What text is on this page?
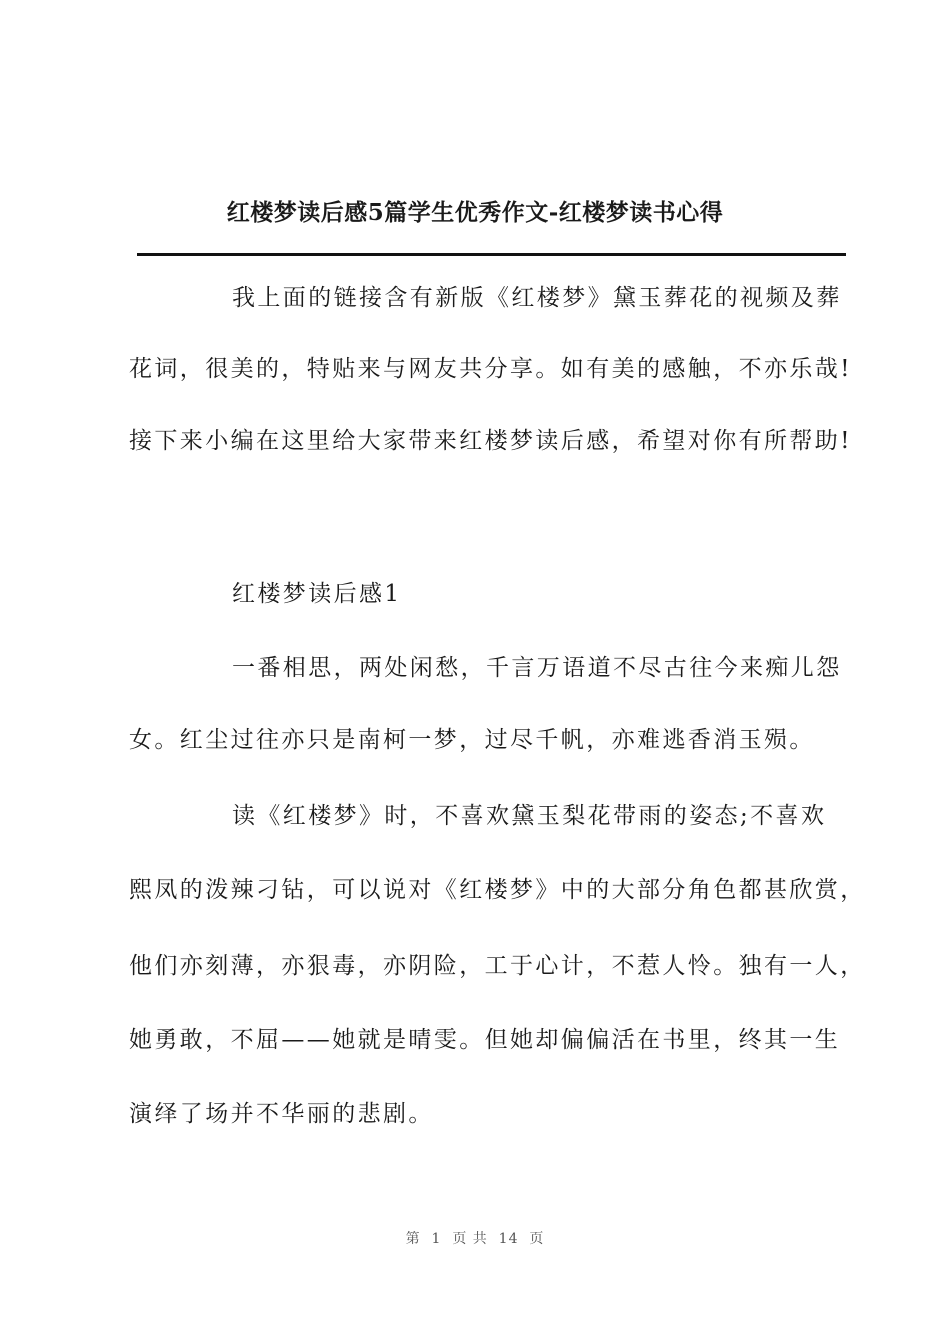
红楼梦读后感5篇学生优秀作文-红楼梦读书心得
我上面的链接含有新版《红楼梦》黛玉葬花的视频及葬
花词，很美的，特贴来与网友共分享。如有美的感触，不亦乐哉!
接下来小编在这里给大家带来红楼梦读后感，希望对你有所帮助!
红楼梦读后感1
一番相思，两处闲愁，千言万语道不尽古往今来痴儿怨
女。红尘过往亦只是南柯一梦，过尽千帆，亦难逃香消玉殒。
读《红楼梦》时，不喜欢黛玉梨花带雨的姿态;不喜欢
熙凤的泼辣刁钻，可以说对《红楼梦》中的大部分角色都甚欣赏，
他们亦刻薄，亦狠毒，亦阴险，工于心计，不惹人怜。独有一人，
她勇敢，不屈——她就是晴雯。但她却偏偏活在书里，终其一生
演绎了场并不华丽的悲剧。
第  1  页 共  14  页
